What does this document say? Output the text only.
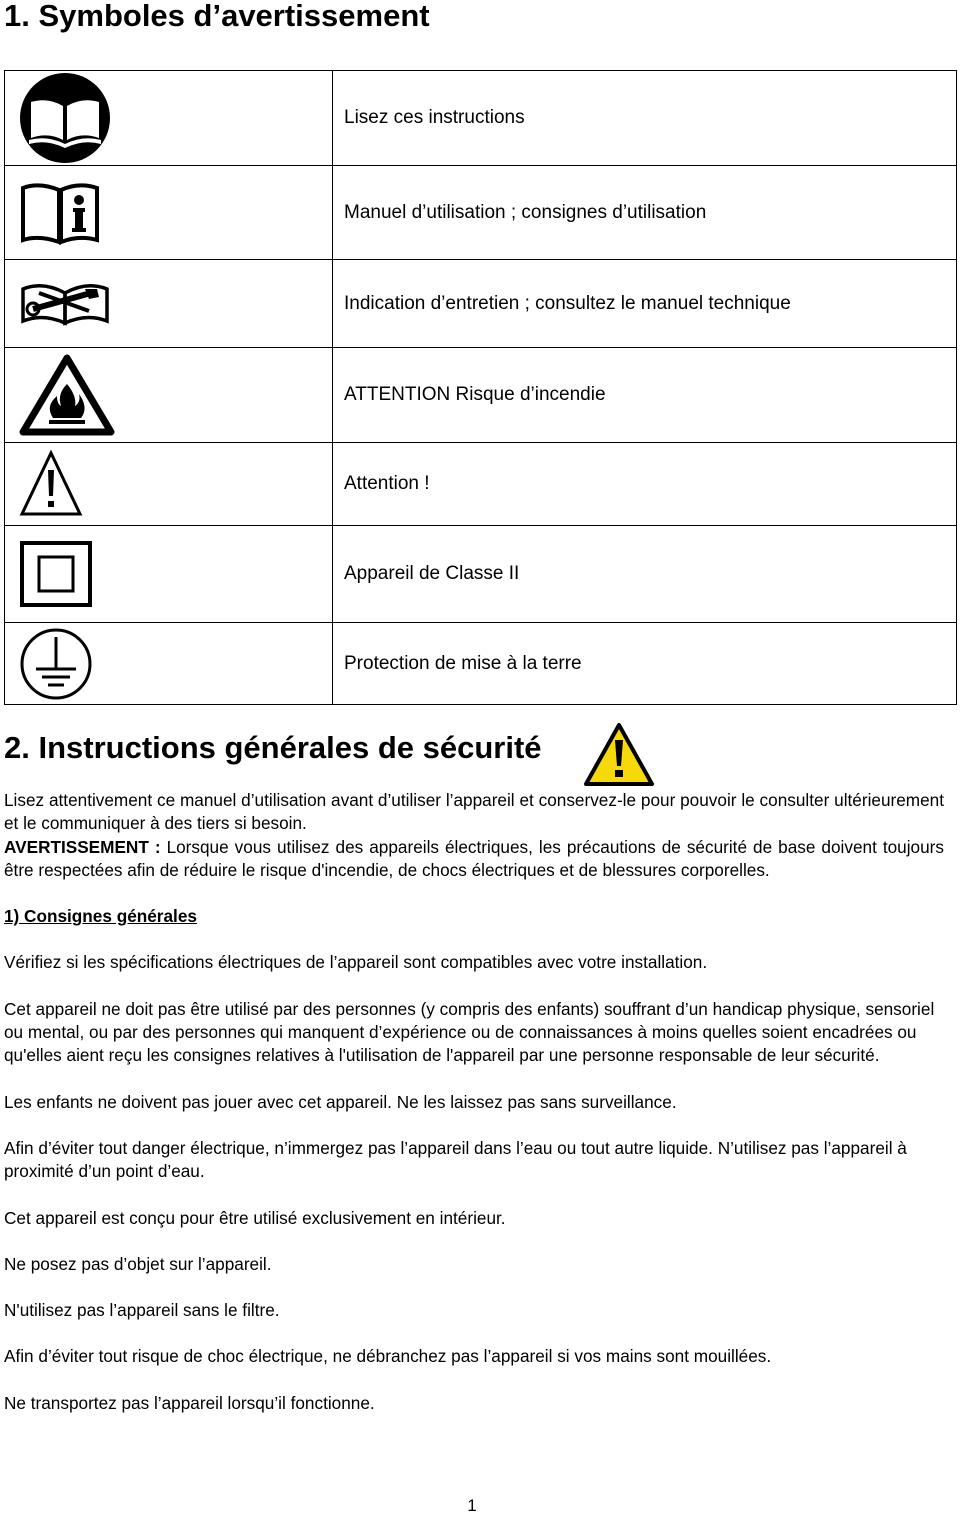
1. Symboles d’avertissement
	Lisez ces instructions

	Manuel d’utilisation ; consignes d’utilisation

	Indication d’entretien ; consultez le manuel technique

	ATTENTION Risque d’incendie

	Attention !

	Appareil de Classe II

	Protection de mise à la terre
2. Instructions générales de sécurité

Lisez attentivement ce manuel d’utilisation avant d’utiliser l’appareil et conservez-le pour pouvoir le consulter ultérieurement et le communiquer à des tiers si besoin.

AVERTISSEMENT : Lorsque vous utilisez des appareils électriques, les précautions de sécurité de base doivent toujours être respectées afin de réduire le risque d'incendie, de chocs électriques et de blessures corporelles.

1) Consignes générales

Vérifiez si les spécifications électriques de l’appareil sont compatibles avec votre installation.

Cet appareil ne doit pas être utilisé par des personnes (y compris des enfants) souffrant d’un handicap physique, sensoriel ou mental, ou par des personnes qui manquent d’expérience ou de connaissances à moins quelles soient encadrées ou qu'elles aient reçu les consignes relatives à l'utilisation de l'appareil par une personne responsable de leur sécurité.

Les enfants ne doivent pas jouer avec cet appareil. Ne les laissez pas sans surveillance.

Afin d’éviter tout danger électrique, n’immergez pas l’appareil dans l’eau ou tout autre liquide. N’utilisez pas l’appareil à proximité d’un point d’eau.

Cet appareil est conçu pour être utilisé exclusivement en intérieur.

Ne posez pas d’objet sur l’appareil.

N'utilisez pas l’appareil sans le filtre.

Afin d’éviter tout risque de choc électrique, ne débranchez pas l’appareil si vos mains sont mouillées.

Ne transportez pas l’appareil lorsqu’il fonctionne.

1
